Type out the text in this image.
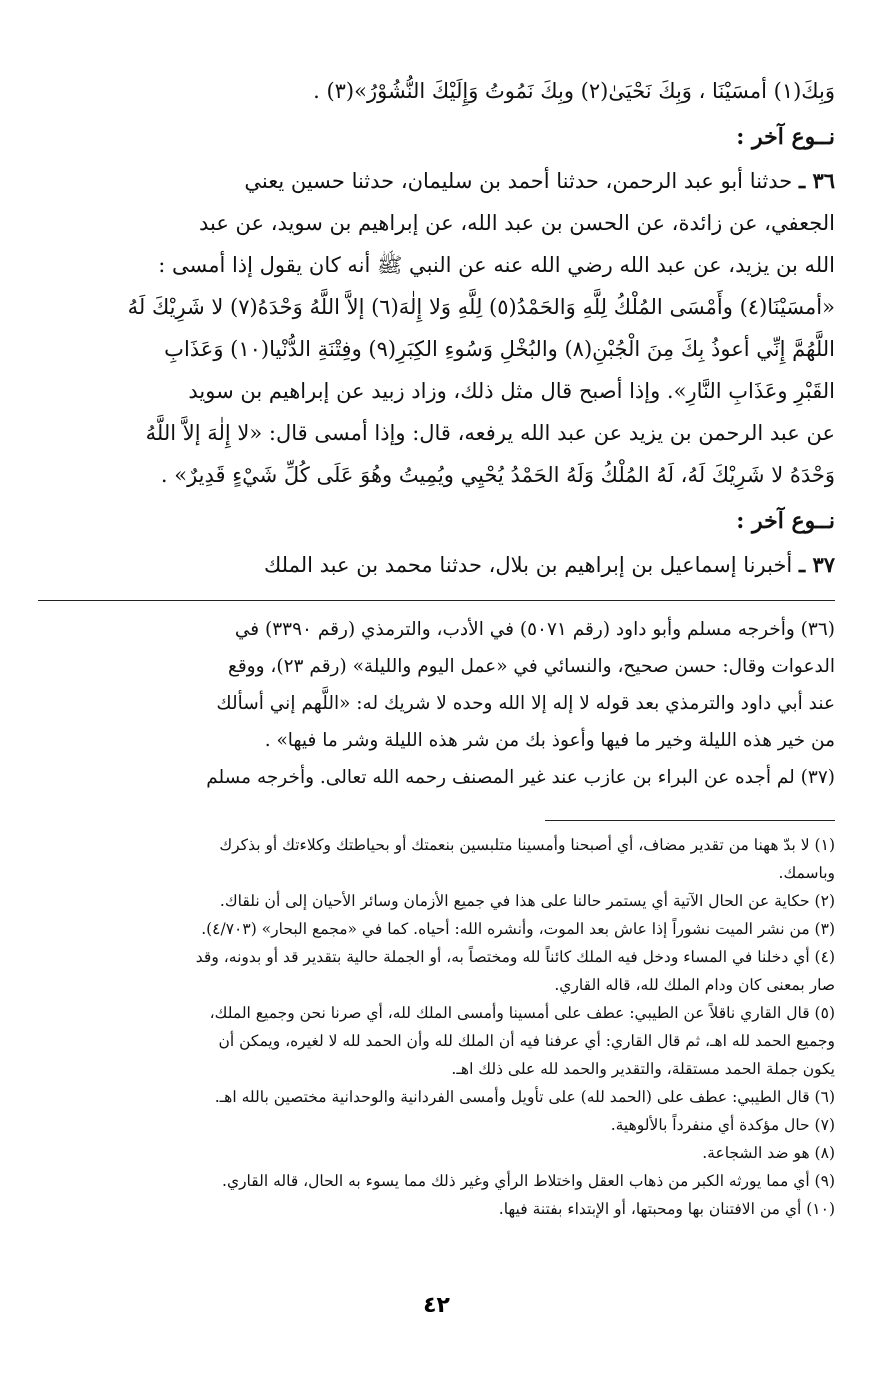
وَبِكَ(١) أمسَيْنَا ، وَبِكَ نَحْيَىٰ(٢) وبِكَ نَمُوتُ وَإِلَيْكَ النُّشُوْرُ»(٣) .
نــوع آخر :
٣٦ ـ حدثنا أبو عبد الرحمن، حدثنا أحمد بن سليمان، حدثنا حسين يعني
الجعفي، عن زائدة، عن الحسن بن عبد الله، عن إبراهيم بن سويد، عن عبد
الله بن يزيد، عن عبد الله رضي الله عنه عن النبي ﷺ أنه كان يقول إذا أمسى :
«أمسَيْنَا(٤) وأَمْسَى المُلْكُ لِلَّهِ وَالحَمْدُ(٥) لِلَّهِ وَلا إِلٰهَ(٦) إلاَّ اللَّهُ وَحْدَهُ(٧) لا شَرِيْكَ لَهُ
اللَّهُمَّ إِنِّي أعوذُ بِكَ مِنَ الْجُبْنِ(٨) والبُخْلِ وَسُوءِ الكِبَرِ(٩) وفِتْنَةِ الدُّنْيا(١٠) وَعَذَابِ
القَبْرِ وعَذَابِ النَّارِ». وإذا أصبح قال مثل ذلك، وزاد زبيد عن إبراهيم بن سويد
عن عبد الرحمن بن يزيد عن عبد الله يرفعه، قال: وإذا أمسى قال: «لا إِلٰهَ إلاَّ اللَّهُ
وَحْدَهُ لا شَرِيْكَ لَهُ، لَهُ المُلْكُ وَلَهُ الحَمْدُ يُحْيِي ويُمِيتُ وهُوَ عَلَى كُلِّ شَيْءٍ قَدِيرٌ» .
نــوع آخر :
٣٧ ـ أخبرنا إسماعيل بن إبراهيم بن بلال، حدثنا محمد بن عبد الملك
(٣٦) وأخرجه مسلم وأبو داود (رقم ٥٠٧١) في الأدب، والترمذي (رقم ٣٣٩٠) في
الدعوات وقال: حسن صحيح، والنسائي في «عمل اليوم والليلة» (رقم ٢٣)، ووقع
عند أبي داود والترمذي بعد قوله لا إله إلا الله وحده لا شريك له: «اللَّهم إني أسألك
من خير هذه الليلة وخير ما فيها وأعوذ بك من شر هذه الليلة وشر ما فيها» .
(٣٧) لم أجده عن البراء بن عازب عند غير المصنف رحمه الله تعالى. وأخرجه مسلم
(١) لا بدّ ههنا من تقدير مضاف، أي أصبحنا وأمسينا متلبسين بنعمتك أو بحياطتك وكلاءتك أو بذكرك
وباسمك.
(٢) حكاية عن الحال الآتية أي يستمر حالنا على هذا في جميع الأزمان وسائر الأحيان إلى أن نلقاك.
(٣) من نشر الميت نشوراً إذا عاش بعد الموت، وأنشره الله: أحياه. كما في «مجمع البحار» (٤/٧٠٣).
(٤) أي دخلنا في المساء ودخل فيه الملك كائناً لله ومختصاً به، أو الجملة حالية بتقدير قد أو بدونه، وقد
صار بمعنى كان ودام الملك لله، قاله القاري.
(٥) قال القاري ناقلاً عن الطيبي: عطف على أمسينا وأمسى الملك لله، أي صرنا نحن وجميع الملك،
وجميع الحمد لله اهـ، ثم قال القاري: أي عرفنا فيه أن الملك لله وأن الحمد لله لا لغيره، ويمكن أن
يكون جملة الحمد مستقلة، والتقدير والحمد لله على ذلك اهـ.
(٦) قال الطيبي: عطف على (الحمد لله) على تأويل وأمسى الفردانية والوحدانية مختصين بالله اهـ.
(٧) حال مؤكدة أي منفرداً بالألوهية.
(٨) هو ضد الشجاعة.
(٩) أي مما يورثه الكبر من ذهاب العقل واختلاط الرأي وغير ذلك مما يسوء به الحال، قاله القاري.
(١٠) أي من الافتنان بها ومحبتها، أو الإبتداء بفتنة فيها.
٤٢
